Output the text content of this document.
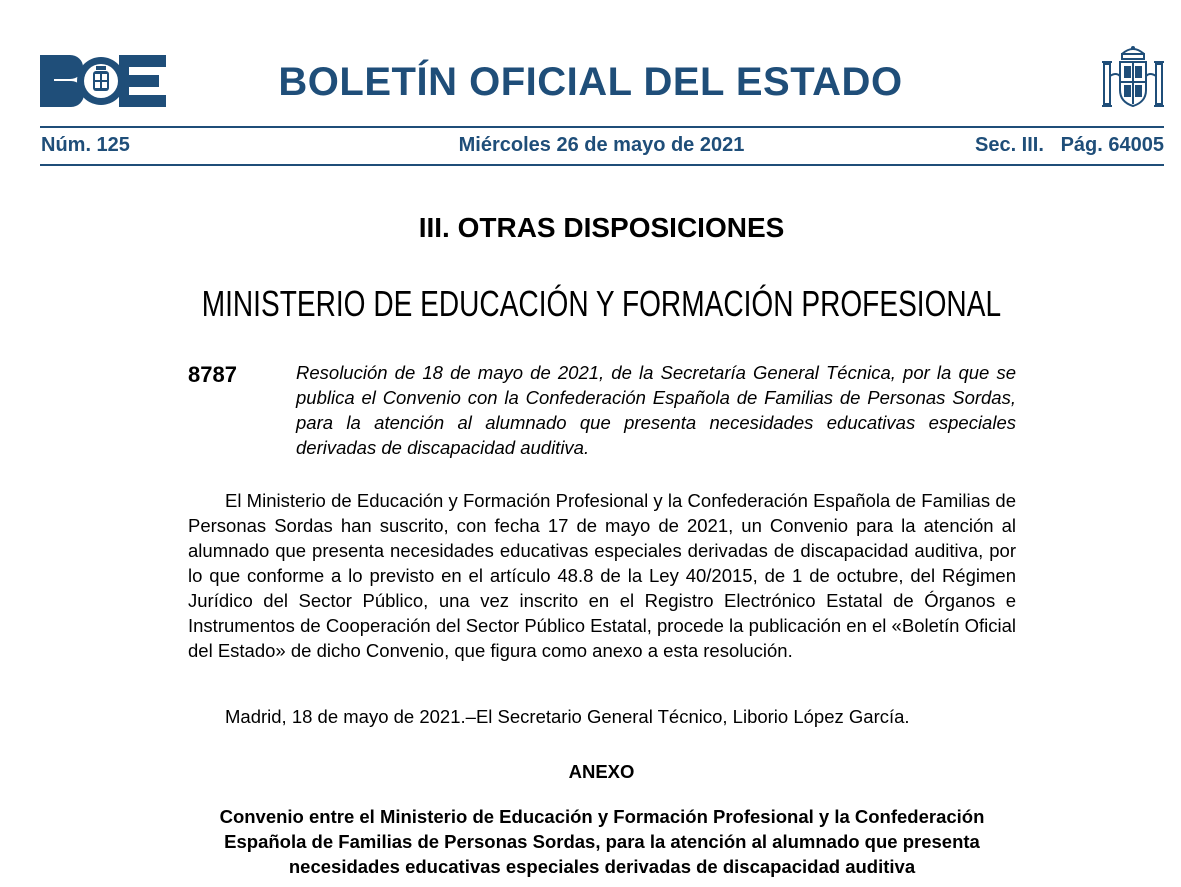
BOLETÍN OFICIAL DEL ESTADO
Núm. 125	Miércoles 26 de mayo de 2021	Sec. III.   Pág. 64005
III. OTRAS DISPOSICIONES
MINISTERIO DE EDUCACIÓN Y FORMACIÓN PROFESIONAL
8787	Resolución de 18 de mayo de 2021, de la Secretaría General Técnica, por la que se publica el Convenio con la Confederación Española de Familias de Personas Sordas, para la atención al alumnado que presenta necesidades educativas especiales derivadas de discapacidad auditiva.
El Ministerio de Educación y Formación Profesional y la Confederación Española de Familias de Personas Sordas han suscrito, con fecha 17 de mayo de 2021, un Convenio para la atención al alumnado que presenta necesidades educativas especiales derivadas de discapacidad auditiva, por lo que conforme a lo previsto en el artículo 48.8 de la Ley 40/2015, de 1 de octubre, del Régimen Jurídico del Sector Público, una vez inscrito en el Registro Electrónico Estatal de Órganos e Instrumentos de Cooperación del Sector Público Estatal, procede la publicación en el «Boletín Oficial del Estado» de dicho Convenio, que figura como anexo a esta resolución.
Madrid, 18 de mayo de 2021.–El Secretario General Técnico, Liborio López García.
ANEXO
Convenio entre el Ministerio de Educación y Formación Profesional y la Confederación Española de Familias de Personas Sordas, para la atención al alumnado que presenta necesidades educativas especiales derivadas de discapacidad auditiva
